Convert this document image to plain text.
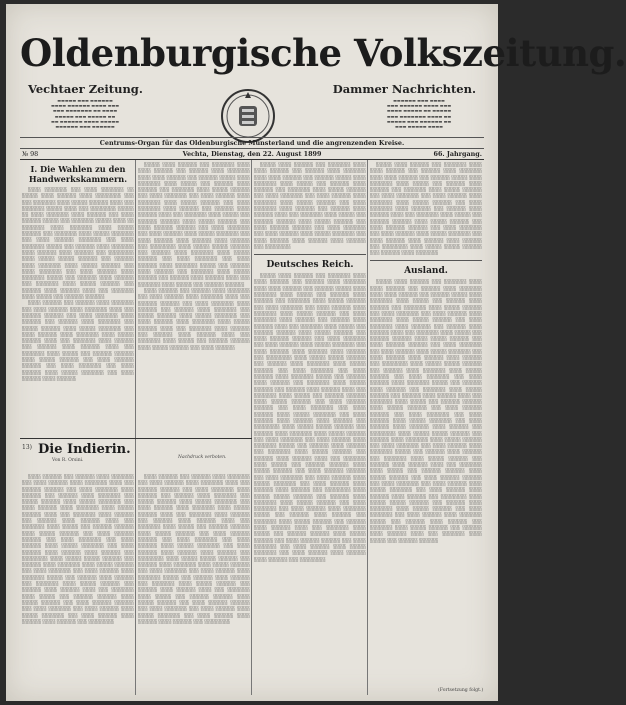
Oldenburgische Volkszeitung.
Vechtaer Zeitung.	Dammer Nachrichten.
▬▬▬▬▬ ▬▬▬ ▬▬▬▬▬▬
▬▬▬▬ ▬▬▬▬▬▬ ▬▬▬▬ ▬▬▬
▬▬▬ ▬▬▬▬▬▬▬ ▬▬ ▬▬▬▬
▬▬▬▬▬ ▬▬▬ ▬▬▬▬▬ ▬▬
▬▬ ▬▬▬▬▬▬ ▬▬▬▬ ▬▬▬▬▬
▬▬▬▬▬▬ ▬▬▬ ▬▬▬▬▬▬
▬▬▬▬▬▬ ▬▬▬ ▬▬▬▬
▬▬▬ ▬▬▬▬▬▬ ▬▬▬▬ ▬▬▬
▬▬▬▬ ▬▬▬▬▬ ▬▬ ▬▬▬▬▬
▬▬▬ ▬▬▬▬▬▬▬ ▬▬▬▬ ▬▬
▬▬▬▬▬ ▬▬▬ ▬▬▬▬▬▬ ▬▬
▬▬▬ ▬▬▬▬▬ ▬▬▬▬
Centrums-Organ für das Oldenburgische Münsterland und die angrenzenden Kreise.
№ 98	Vechta, Dienstag, den 22. August 1899	66. Jahrgang.
I. Die Wahlen zu den Handwerkskammern.

░░░░ ░░░░░░░ ░░░ ░░░░ ░░░░░░░ ░░ ░░░░░ ░░░░ ░░░░░░ ░░░░ ░░░░░░░░ ░░░ ░░░ ░░░░░░░ ░░░░ ░░░░░ ░░░░░░ ░░░░ ░░░ ░░░░░░░ ░░░░░ ░░░░ ░░░ ░░░░░░░░ ░░░░░ ░░ ░░░░ ░░░░░░░ ░░░░ ░░░░░░ ░░░ ░░░░ ░░░░░░ ░░░░░ ░░░ ░░░░░░░ ░░░░░ ░░░░ ░░ ░░░░░░░ ░░░░ ░░░░░░░ ░░░░ ░░░░░ ░░░░░░ ░░░ ░░░░░░░ ░░░░ ░░░░░ ░░░░░░░ ░░░ ░░░░ ░░░░░░ ░░░░░░░ ░░░ ░░░░ ░░░░░░░ ░░░░░ ░░░ ░░░░░░ ░░░░ ░░░░░░░ ░░░░ ░░░░░░ ░░░░ ░░░░░░ ░░░ ░░░░░░░░ ░░░░ ░░░░░ ░░░░░ ░░░░░░ ░░░ ░░░░░░ ░░░░ ░░░░░░░ ░░░░ ░░░░░ ░░░░░░ ░░░ ░░░░ ░░░░░░░ ░░░ ░░░░ ░░░░░░ ░░░░ ░░░░░░░ ░░░░░ ░░░ ░░░░░░ ░░░░ ░░░░░░ ░░░ ░░░░░░░ ░░░░ ░░░░░ ░░░░░░ ░░░ ░░░░░░ ░░░░ ░░░░░░ ░░░░ ░░░ ░░░░░░░ ░░░░ ░░░░░ ░░░ ░░░░░░ ░░░░░░

░░░░ ░░░░░░ ░░░ ░░░░░░ ░░░░ ░░░░░░░ ░░░ ░░░░ ░░░░░░ ░░░░ ░░░░░░░ ░░░░ ░░░ ░░░░░░ ░░░░░░ ░░░ ░░░░ ░░░░░░░ ░░░░ ░░░░░░ ░░░ ░░░░░░ ░░░░ ░░░░░░░ ░░░ ░░░░░ ░░░░░░ ░░░░ ░░░░░ ░░░░░░░ ░░░ ░░░░ ░░░░░░ ░░░░ ░░░░░░░ ░░░░ ░░░░░ ░░░░░░ ░░░░ ░░░ ░░░░░░░ ░░░░ ░░░░░░ ░░░ ░░░░░░ ░░░░ ░░░░░░ ░░░░ ░░░ ░░░░░░░ ░░░░ ░░░░░ ░░░ ░░░░░░ ░░░░░░ ░░░░ ░░░░░ ░░░░░░ ░░░ ░░░░ ░░░░░░ ░░░░░░ ░░░ ░░░░ ░░░░░░░ ░░░ ░░░░ ░░░░░░ ░░░░ ░░░░░ ░░░░░░░ ░░░ ░░░░ ░░░░░░ ░░░░ ░░░░░░

░░░░░ ░░░░ ░░░░░░ ░░░ ░░░░░░░ ░░░░ ░░░░ ░░░░░░ ░░░ ░░░░░░ ░░░░ ░░░░░░░ ░░░░ ░░░░ ░░░░░░ ░░░ ░░░░░░ ░░░░░ ░░░░ ░░░░░░░ ░░░░ ░░░░░ ░░░ ░░░░░░ ░░░░ ░░░░░░ ░░░ ░░░░░░░ ░░░░ ░░░░░ ░░░░░░ ░░░ ░░░░ ░░░░░░░ ░░░ ░░░░ ░░░░░░ ░░░░ ░░░░░░░ ░░░░ ░░░░░ ░░░░░░ ░░░ ░░░░ ░░░░░░░ ░░░░ ░░░░░░ ░░░ ░░░░░░ ░░░░ ░░░░░░ ░░░░ ░░░ ░░░░░░░ ░░░░ ░░░░░ ░░░ ░░░░░░ ░░░░░░ ░░░░ ░░░░░ ░░░░░░ ░░░ ░░░░ ░░░░░░ ░░░░░░ ░░░ ░░░░ ░░░░░░░ ░░░ ░░░░ ░░░░░░ ░░░░ ░░░░░ ░░░░░░░ ░░░ ░░░░ ░░░░░░ ░░░░ ░░░░░░ ░░░░ ░░░░░░ ░░░ ░░░░░░░░ ░░░░ ░░░░░ ░░░░░ ░░░░░░ ░░░ ░░░░░░ ░░░░ ░░░░░░░ ░░░░ ░░░░░ ░░░░░░ ░░░ ░░░░ ░░░░░░░ ░░░ ░░░░ ░░░░░░ ░░░░ ░░░░░░░ ░░░░░ ░░░ ░░░░░░ ░░░░ ░░░░░░ ░░░ ░░░░░░░ ░░░░ ░░░░░ ░░░░░░ ░░░ ░░░░░░ ░░░░ ░░░░░░ ░░░░ ░░░ ░░░░░░░ ░░░░ ░░░░░ ░░░ ░░░░░░ ░░░░░░

░░░░ ░░░░░░ ░░░ ░░░░░░ ░░░░ ░░░░░░░ ░░░ ░░░░ ░░░░░░ ░░░░ ░░░░░░░ ░░░░ ░░░ ░░░░░░ ░░░░░░ ░░░ ░░░░ ░░░░░░░ ░░░░ ░░░░░░ ░░░ ░░░░░░ ░░░░ ░░░░░░░ ░░░ ░░░░░ ░░░░░░ ░░░░ ░░░░░ ░░░░░░░ ░░░ ░░░░ ░░░░░░ ░░░░ ░░░░░░░ ░░░░ ░░░░░ ░░░░░░ ░░░░ ░░░ ░░░░░░░ ░░░░ ░░░░░░ ░░░ ░░░░░░ ░░░░ ░░░░░░ ░░░░ ░░░ ░░░░░░░ ░░░░ ░░░░░ ░░░ ░░░░░░ ░░░░░░ ░░░░ ░░░░░ ░░░░░░ ░░░ ░░░░ ░░░░░░

░░░░░ ░░░░ ░░░░░░ ░░░ ░░░░░░░ ░░░░ ░░░░ ░░░░░░ ░░░ ░░░░░░ ░░░░ ░░░░░░░ ░░░░ ░░░░ ░░░░░░ ░░░ ░░░░░░ ░░░░░ ░░░░ ░░░░░░░ ░░░░ ░░░░░ ░░░ ░░░░░░ ░░░░ ░░░░░░ ░░░ ░░░░░░░ ░░░░ ░░░░░ ░░░░░░ ░░░ ░░░░ ░░░░░░░ ░░░ ░░░░ ░░░░░░ ░░░░ ░░░░░░░ ░░░░ ░░░░░ ░░░░░░ ░░░ ░░░░ ░░░░░░░ ░░░░ ░░░░░░ ░░░ ░░░░░░ ░░░░ ░░░░░░ ░░░░ ░░░ ░░░░░░░ ░░░░ ░░░░░ ░░░ ░░░░░░ ░░░░░░ ░░░░ ░░░░░ ░░░░░░ ░░░ ░░░░ ░░░░░░ ░░░░░░ ░░░ ░░░░ ░░░░░░░ ░░░ ░░░░ ░░░░░░ ░░░░ ░░░░░ ░░░░░░░ ░░░ ░░░░ ░░░░░░ ░░░░ ░░░░░░ ░░░░ ░░░░░░ ░░░ ░░░░░░░░

Deutsches Reich.

░░░░░ ░░░░ ░░░░░░ ░░░ ░░░░░░░ ░░░░ ░░░░ ░░░░░░ ░░░ ░░░░░░ ░░░░ ░░░░░░░ ░░░░ ░░░░ ░░░░░░ ░░░ ░░░░░░ ░░░░░ ░░░░ ░░░░░░░ ░░░░ ░░░░░ ░░░ ░░░░░░ ░░░░ ░░░░░░ ░░░ ░░░░░░░ ░░░░ ░░░░░ ░░░░░░ ░░░ ░░░░ ░░░░░░░ ░░░ ░░░░ ░░░░░░ ░░░░ ░░░░░░░ ░░░░ ░░░░░ ░░░░░░ ░░░ ░░░░ ░░░░░░░ ░░░░ ░░░░░░ ░░░ ░░░░░░ ░░░░ ░░░░░░ ░░░░ ░░░ ░░░░░░░ ░░░░ ░░░░░ ░░░ ░░░░░░ ░░░░░░ ░░░░ ░░░░░ ░░░░░░ ░░░ ░░░░ ░░░░░░ ░░░░░░ ░░░ ░░░░ ░░░░░░░ ░░░ ░░░░ ░░░░░░ ░░░░ ░░░░░ ░░░░░░░ ░░░ ░░░░ ░░░░░░ ░░░░ ░░░░░░ ░░░░ ░░░░░░ ░░░ ░░░░░░░░ ░░░░ ░░░░░ ░░░░░ ░░░░░░ ░░░ ░░░░░░ ░░░░ ░░░░░░░ ░░░░ ░░░░░ ░░░░░░ ░░░ ░░░░ ░░░░░░░ ░░░ ░░░░ ░░░░░░ ░░░░ ░░░░░░░ ░░░░░ ░░░ ░░░░░░ ░░░░ ░░░░░░ ░░░ ░░░░░░░ ░░░░ ░░░░░ ░░░░░░ ░░░ ░░░░░░ ░░░░ ░░░░░░ ░░░░ ░░░ ░░░░░░░ ░░░░ ░░░░░ ░░░ ░░░░░░ ░░░░░░ ░░░░ ░░░░░ ░░░░░░ ░░░ ░░░░ ░░░░░░ ░░░░░░ ░░░ ░░░░ ░░░░░░░ ░░░ ░░░░ ░░░░░░ ░░░░ ░░░░░ ░░░░░░░ ░░░ ░░░░ ░░░░░░ ░░░░ ░░░░░░ ░░░░ ░░░░░░ ░░░ ░░░░░░░░ ░░░░ ░░░░░ ░░░░░ ░░░░░░ ░░░ ░░░░░░ ░░░░ ░░░░░░░ ░░░░ ░░░░░ ░░░░░░ ░░░ ░░░░ ░░░░░░░ ░░░ ░░░░ ░░░░░░ ░░░░ ░░░░░░░ ░░░░░ ░░░ ░░░░░░ ░░░░ ░░░░░░ ░░░ ░░░░░░░ ░░░░ ░░░░░ ░░░░░░ ░░░ ░░░░░░ ░░░░ ░░░░░░ ░░░░ ░░░ ░░░░░░░ ░░░░ ░░░░░ ░░░ ░░░░░░ ░░░░░░ ░░░░ ░░░░░ ░░░░░░ ░░░ ░░░░ ░░░░░░ ░░░░░░ ░░░ ░░░░ ░░░░░░░ ░░░ ░░░░ ░░░░░░ ░░░░ ░░░░░ ░░░░░░░ ░░░ ░░░░ ░░░░░░ ░░░░ ░░░░░░ ░░░░ ░░░░░░ ░░░ ░░░░░░░░ ░░░░ ░░░░░ ░░░░░ ░░░░░░ ░░░ ░░░░░░ ░░░░ ░░░░░░░ ░░░░ ░░░░░ ░░░░░░ ░░░ ░░░░ ░░░░░░░ ░░░ ░░░░ ░░░░░░ ░░░░ ░░░░░░░ ░░░░░ ░░░ ░░░░░░ ░░░░ ░░░░░░ ░░░ ░░░░░░░ ░░░░ ░░░░░ ░░░░░░ ░░░ ░░░░░░ ░░░░ ░░░░░░ ░░░░ ░░░ ░░░░░░░ ░░░░ ░░░░░ ░░░ ░░░░░░ ░░░░░░ ░░░░ ░░░░░ ░░░░░░ ░░░ ░░░░ ░░░░░░ ░░░░░░ ░░░ ░░░░ ░░░░░░░ ░░░ ░░░░ ░░░░░░ ░░░░ ░░░░░ ░░░░░░░ ░░░ ░░░░ ░░░░░░ ░░░░ ░░░░░░ ░░░░ ░░░░░░ ░░░ ░░░░░░░░

░░░░░ ░░░░ ░░░░░░ ░░░ ░░░░░░░ ░░░░ ░░░░ ░░░░░░ ░░░ ░░░░░░ ░░░░ ░░░░░░░ ░░░░ ░░░░ ░░░░░░ ░░░ ░░░░░░ ░░░░░ ░░░░ ░░░░░░░ ░░░░ ░░░░░ ░░░ ░░░░░░ ░░░░ ░░░░░░ ░░░ ░░░░░░░ ░░░░ ░░░░░ ░░░░░░ ░░░ ░░░░ ░░░░░░░ ░░░ ░░░░ ░░░░░░ ░░░░ ░░░░░░░ ░░░░ ░░░░░ ░░░░░░ ░░░ ░░░░ ░░░░░░░ ░░░░ ░░░░░░ ░░░ ░░░░░░ ░░░░ ░░░░░░ ░░░░ ░░░ ░░░░░░░ ░░░░ ░░░░░ ░░░ ░░░░░░ ░░░░░░ ░░░░ ░░░░░ ░░░░░░ ░░░ ░░░░ ░░░░░░ ░░░░░░ ░░░ ░░░░ ░░░░░░░ ░░░ ░░░░ ░░░░░░ ░░░░ ░░░░░ ░░░░░░░ ░░░ ░░░░ ░░░░░░ ░░░░ ░░░░░░ ░░░░ ░░░░░░ ░░░ ░░░░░░░░ ░░░░ ░░░░░ ░░░░░ ░░░░░░ ░░░ ░░░░░░ ░░░░ ░░░░░░░

Ausland.

░░░░░ ░░░░ ░░░░░░ ░░░ ░░░░░░░ ░░░░ ░░░░ ░░░░░░ ░░░ ░░░░░░ ░░░░ ░░░░░░░ ░░░░ ░░░░ ░░░░░░ ░░░ ░░░░░░ ░░░░░ ░░░░ ░░░░░░░ ░░░░ ░░░░░ ░░░ ░░░░░░ ░░░░ ░░░░░░ ░░░ ░░░░░░░ ░░░░ ░░░░░ ░░░░░░ ░░░ ░░░░ ░░░░░░░ ░░░ ░░░░ ░░░░░░ ░░░░ ░░░░░░░ ░░░░ ░░░░░ ░░░░░░ ░░░ ░░░░ ░░░░░░░ ░░░░ ░░░░░░ ░░░ ░░░░░░ ░░░░ ░░░░░░ ░░░░ ░░░ ░░░░░░░ ░░░░ ░░░░░ ░░░ ░░░░░░ ░░░░░░ ░░░░ ░░░░░ ░░░░░░ ░░░ ░░░░ ░░░░░░ ░░░░░░ ░░░ ░░░░ ░░░░░░░ ░░░ ░░░░ ░░░░░░ ░░░░ ░░░░░ ░░░░░░░ ░░░ ░░░░ ░░░░░░ ░░░░ ░░░░░░ ░░░░ ░░░░░░ ░░░ ░░░░░░░░ ░░░░ ░░░░░ ░░░░░ ░░░░░░ ░░░ ░░░░░░ ░░░░ ░░░░░░░ ░░░░ ░░░░░ ░░░░░░ ░░░ ░░░░ ░░░░░░░ ░░░ ░░░░ ░░░░░░ ░░░░ ░░░░░░░ ░░░░░ ░░░ ░░░░░░ ░░░░ ░░░░░░ ░░░ ░░░░░░░ ░░░░ ░░░░░ ░░░░░░ ░░░ ░░░░░░ ░░░░ ░░░░░░ ░░░░ ░░░ ░░░░░░░ ░░░░ ░░░░░ ░░░ ░░░░░░ ░░░░░░ ░░░░ ░░░░░ ░░░░░░ ░░░ ░░░░ ░░░░░░ ░░░░░░ ░░░ ░░░░ ░░░░░░░ ░░░ ░░░░ ░░░░░░ ░░░░ ░░░░░ ░░░░░░░ ░░░ ░░░░ ░░░░░░ ░░░░ ░░░░░░ ░░░░ ░░░░░░ ░░░ ░░░░░░░░ ░░░░ ░░░░░ ░░░░░ ░░░░░░ ░░░ ░░░░░░ ░░░░ ░░░░░░░ ░░░░ ░░░░░ ░░░░░░ ░░░ ░░░░ ░░░░░░░ ░░░ ░░░░ ░░░░░░ ░░░░ ░░░░░░░ ░░░░░ ░░░ ░░░░░░ ░░░░ ░░░░░░ ░░░ ░░░░░░░ ░░░░ ░░░░░ ░░░░░░ ░░░ ░░░░░░ ░░░░ ░░░░░░ ░░░░ ░░░ ░░░░░░░ ░░░░ ░░░░░ ░░░ ░░░░░░ ░░░░░░ ░░░░ ░░░░░ ░░░░░░ ░░░ ░░░░ ░░░░░░ ░░░░░░ ░░░ ░░░░ ░░░░░░░ ░░░ ░░░░ ░░░░░░ ░░░░ ░░░░░ ░░░░░░░ ░░░ ░░░░ ░░░░░░ ░░░░ ░░░░░░ ░░░░ ░░░░░░ ░░░ ░░░░░░░░ ░░░░ ░░░░░ ░░░░░ ░░░░░░ ░░░ ░░░░░░ ░░░░ ░░░░░░░ ░░░░ ░░░░░ ░░░░░░ ░░░ ░░░░ ░░░░░░░ ░░░ ░░░░ ░░░░░░ ░░░░ ░░░░░░░ ░░░░░ ░░░ ░░░░░░ ░░░░ ░░░░░░ ░░░ ░░░░░░░ ░░░░ ░░░░░ ░░░░░░ ░░░ ░░░░░░ ░░░░ ░░░░░░ ░░░░ ░░░ ░░░░░░░ ░░░░ ░░░░░ ░░░ ░░░░░░ ░░░░░░

13) Die Indierin.
Von R. Orsini.
Nachdruck verboten.

░░░░ ░░░░░░ ░░░ ░░░░░░ ░░░░ ░░░░░░░ ░░░ ░░░░ ░░░░░░ ░░░░ ░░░░░░░ ░░░░ ░░░ ░░░░░░ ░░░░░░ ░░░ ░░░░ ░░░░░░░ ░░░░ ░░░░░░ ░░░ ░░░░░░ ░░░░ ░░░░░░░ ░░░ ░░░░░ ░░░░░░ ░░░░ ░░░░░ ░░░░░░░ ░░░ ░░░░ ░░░░░░ ░░░░ ░░░░░░░ ░░░░ ░░░░░ ░░░░░░ ░░░░ ░░░ ░░░░░░░ ░░░░ ░░░░░░ ░░░ ░░░░░░ ░░░░ ░░░░░░ ░░░░ ░░░ ░░░░░░░ ░░░░ ░░░░░ ░░░ ░░░░░░ ░░░░░░ ░░░░ ░░░░░ ░░░░░░ ░░░ ░░░░ ░░░░░░ ░░░░░░ ░░░ ░░░░ ░░░░░░░ ░░░ ░░░░ ░░░░░░ ░░░░ ░░░░░ ░░░░░░░ ░░░ ░░░░ ░░░░░░ ░░░░ ░░░░░░ ░░░░ ░░░░░░ ░░░ ░░░░░░░░ ░░░░ ░░░░░ ░░░░░ ░░░░░░ ░░░ ░░░░░░ ░░░░ ░░░░░░░ ░░░░ ░░░░░ ░░░░░░ ░░░ ░░░░ ░░░░░░░ ░░░ ░░░░ ░░░░░░ ░░░░ ░░░░░░░ ░░░░░ ░░░ ░░░░░░ ░░░░ ░░░░░░ ░░░ ░░░░░░░ ░░░░ ░░░░░ ░░░░░░ ░░░ ░░░░░░ ░░░░ ░░░░░░ ░░░░ ░░░ ░░░░░░░ ░░░░ ░░░░░ ░░░ ░░░░░░ ░░░░░░ ░░░░ ░░░░░ ░░░░░░ ░░░ ░░░░ ░░░░░░ ░░░░░░ ░░░ ░░░░ ░░░░░░░ ░░░ ░░░░ ░░░░░░ ░░░░ ░░░░░ ░░░░░░░ ░░░ ░░░░ ░░░░░░ ░░░░ ░░░░░░ ░░░░ ░░░░░░ ░░░ ░░░░░░░░

░░░░ ░░░░░░ ░░░ ░░░░░░ ░░░░ ░░░░░░░ ░░░ ░░░░ ░░░░░░ ░░░░ ░░░░░░░ ░░░░ ░░░ ░░░░░░ ░░░░░░ ░░░ ░░░░ ░░░░░░░ ░░░░ ░░░░░░ ░░░ ░░░░░░ ░░░░ ░░░░░░░ ░░░ ░░░░░ ░░░░░░ ░░░░ ░░░░░ ░░░░░░░ ░░░ ░░░░ ░░░░░░ ░░░░ ░░░░░░░ ░░░░ ░░░░░ ░░░░░░ ░░░░ ░░░ ░░░░░░░ ░░░░ ░░░░░░ ░░░ ░░░░░░ ░░░░ ░░░░░░ ░░░░ ░░░ ░░░░░░░ ░░░░ ░░░░░ ░░░ ░░░░░░ ░░░░░░ ░░░░ ░░░░░ ░░░░░░ ░░░ ░░░░ ░░░░░░ ░░░░░░ ░░░ ░░░░ ░░░░░░░ ░░░ ░░░░ ░░░░░░ ░░░░ ░░░░░ ░░░░░░░ ░░░ ░░░░ ░░░░░░ ░░░░ ░░░░░░ ░░░░ ░░░░░░ ░░░ ░░░░░░░░ ░░░░ ░░░░░ ░░░░░ ░░░░░░ ░░░ ░░░░░░ ░░░░ ░░░░░░░ ░░░░ ░░░░░ ░░░░░░ ░░░ ░░░░ ░░░░░░░ ░░░ ░░░░ ░░░░░░ ░░░░ ░░░░░░░ ░░░░░ ░░░ ░░░░░░ ░░░░ ░░░░░░ ░░░ ░░░░░░░ ░░░░ ░░░░░ ░░░░░░ ░░░ ░░░░░░ ░░░░ ░░░░░░ ░░░░ ░░░ ░░░░░░░ ░░░░ ░░░░░ ░░░ ░░░░░░ ░░░░░░ ░░░░ ░░░░░ ░░░░░░ ░░░ ░░░░ ░░░░░░ ░░░░░░ ░░░ ░░░░ ░░░░░░░ ░░░ ░░░░ ░░░░░░ ░░░░ ░░░░░ ░░░░░░░ ░░░ ░░░░ ░░░░░░ ░░░░ ░░░░░░ ░░░░ ░░░░░░ ░░░ ░░░░░░░░

(Fortsetzung folgt.)
